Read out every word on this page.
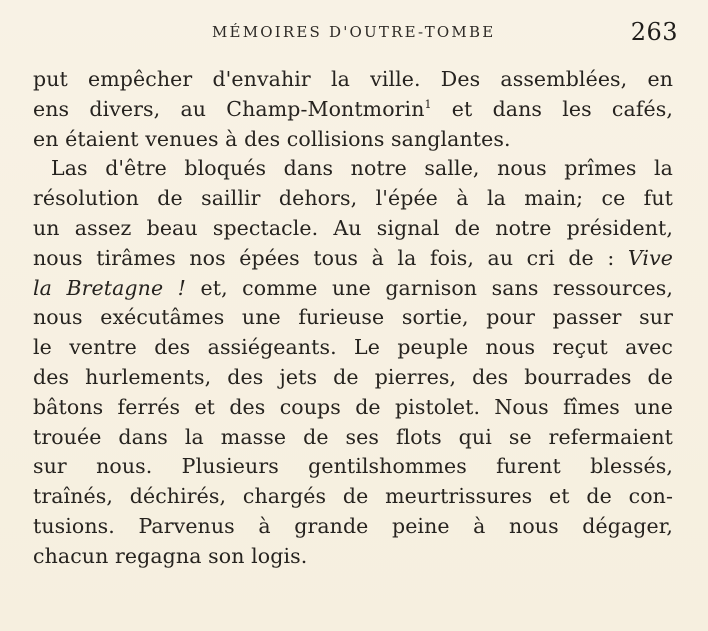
MÉMOIRES D'OUTRE-TOMBE	263
put empêcher d'envahir la ville. Des assemblées, en
ens divers, au Champ-Montmorin$^1$ et dans les cafés,
en étaient venues à des collisions sanglantes.
Las d'être bloqués dans notre salle, nous prîmes la
résolution de saillir dehors, l'épée à la main; ce fut
un assez beau spectacle. Au signal de notre président,
nous tirâmes nos épées tous à la fois, au cri de : Vive
la Bretagne ! et, comme une garnison sans ressources,
nous exécutâmes une furieuse sortie, pour passer sur
le ventre des assiégeants. Le peuple nous reçut avec
des hurlements, des jets de pierres, des bourrades de
bâtons ferrés et des coups de pistolet. Nous fîmes une
trouée dans la masse de ses flots qui se refermaient
sur nous. Plusieurs gentilshommes furent blessés,
traînés, déchirés, chargés de meurtrissures et de con-
tusions. Parvenus à grande peine à nous dégager,
chacun regagna son logis.
